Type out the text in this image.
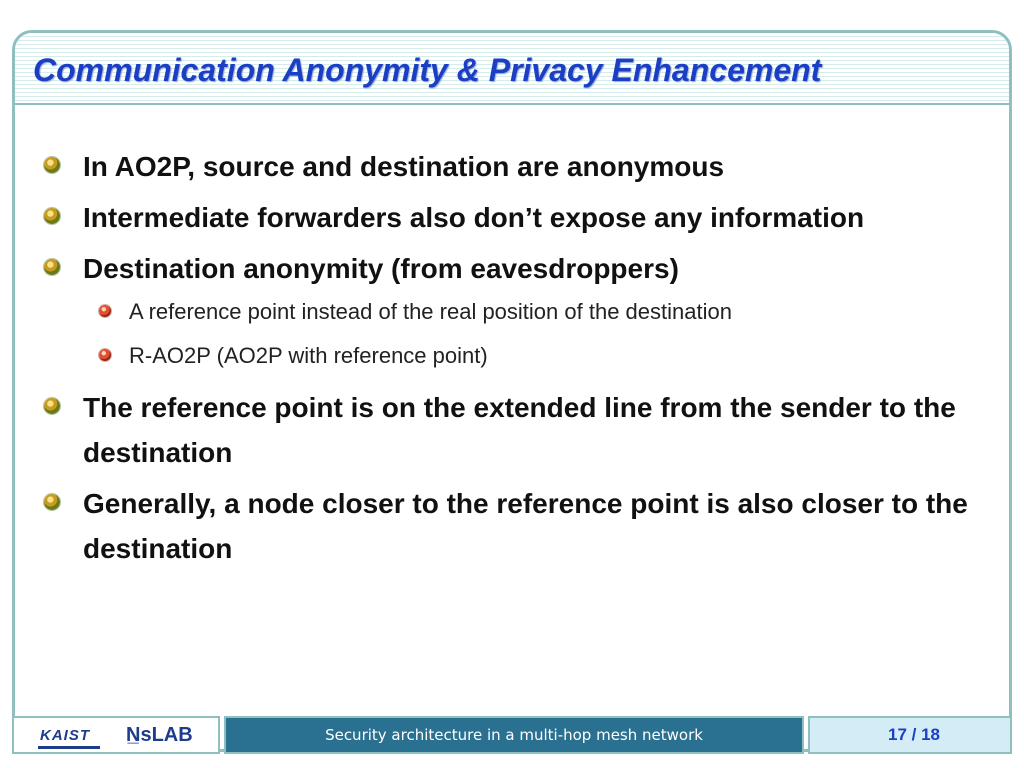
Communication Anonymity & Privacy Enhancement
In AO2P, source and destination are anonymous
Intermediate forwarders also don’t expose any information
Destination anonymity (from eavesdroppers)
A reference point instead of the real position of the destination
R-AO2P (AO2P with reference point)
The reference point is on the extended line from the sender to the destination
Generally, a node closer to the reference point is also closer to the destination
KAIST N̲sLAB	Security architecture in a multi-hop mesh network	17 / 18
